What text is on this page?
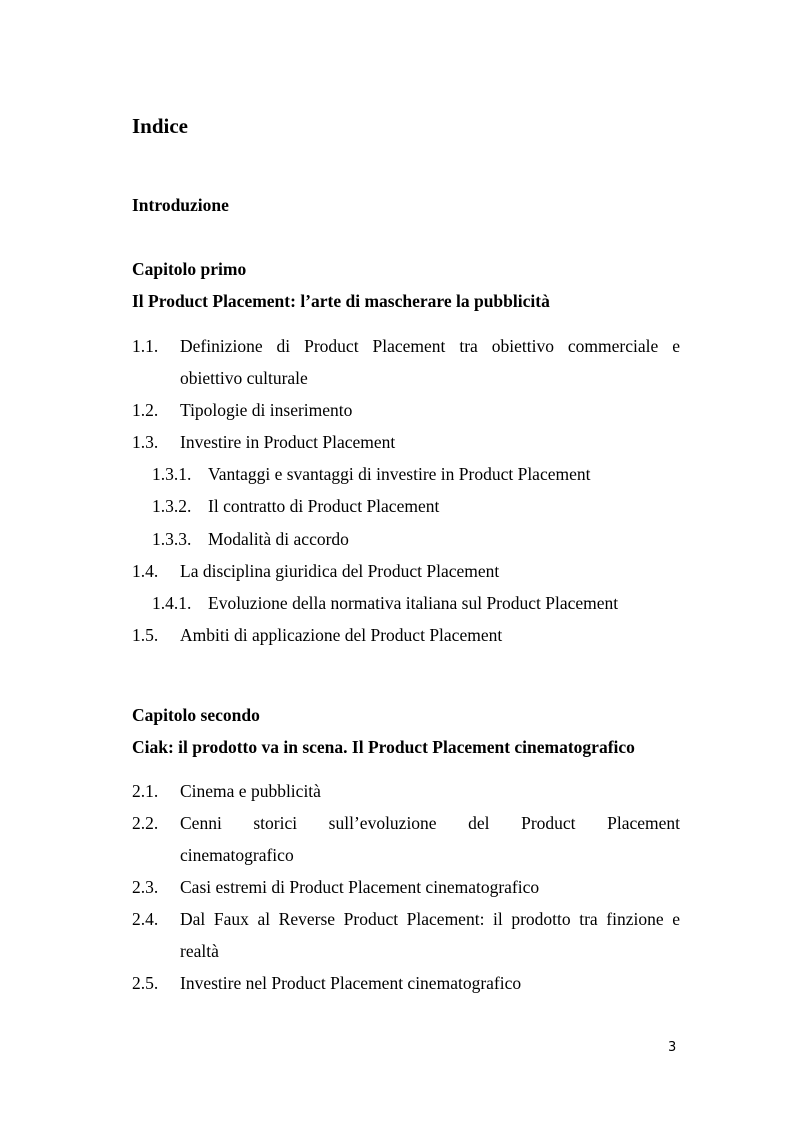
Indice
Introduzione
Capitolo primo
Il Product Placement: l’arte di mascherare la pubblicità
1.1. Definizione di Product Placement tra obiettivo commerciale e
obiettivo culturale
1.2. Tipologie di inserimento
1.3. Investire in Product Placement
1.3.1. Vantaggi e svantaggi di investire in Product Placement
1.3.2. Il contratto di Product Placement
1.3.3. Modalità di accordo
1.4. La disciplina giuridica del Product Placement
1.4.1. Evoluzione della normativa italiana sul Product Placement
1.5. Ambiti di applicazione del Product Placement
Capitolo secondo
Ciak: il prodotto va in scena. Il Product Placement cinematografico
2.1. Cinema e pubblicità
2.2. Cenni storici sull’evoluzione del Product Placement
cinematografico
2.3. Casi estremi di Product Placement cinematografico
2.4. Dal Faux al Reverse Product Placement: il prodotto tra finzione e
realtà
2.5. Investire nel Product Placement cinematografico
3
